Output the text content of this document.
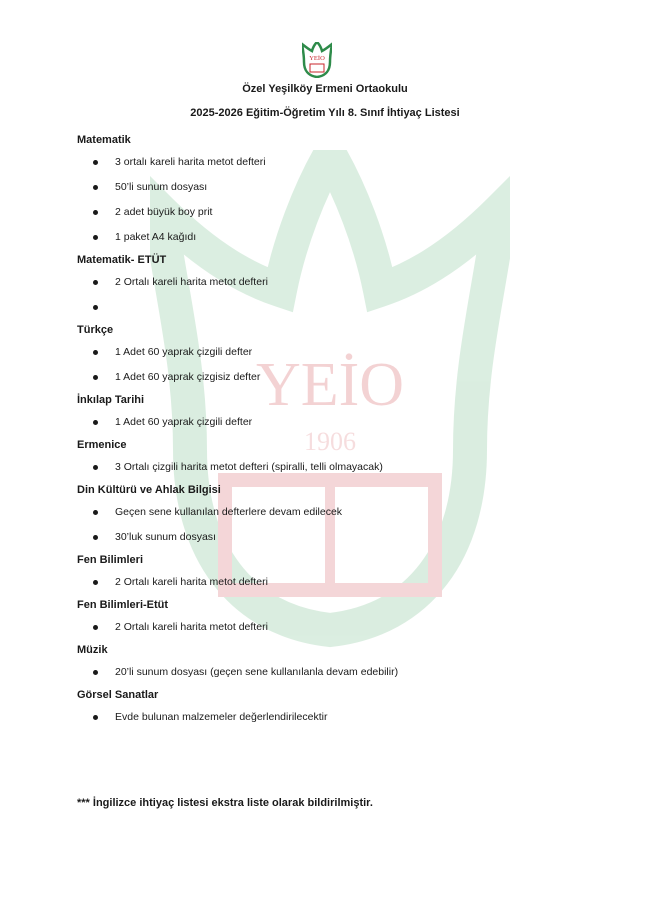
YEİO
1906
YEİO
Özel Yeşilköy Ermeni Ortaokulu
2025-2026 Eğitim-Öğretim Yılı 8. Sınıf İhtiyaç Listesi
Matematik
3 ortalı kareli harita metot defteri
50’li sunum dosyası
2 adet büyük boy prit
1 paket A4 kağıdı
Matematik- ETÜT
2 Ortalı kareli harita metot defteri
Türkçe
1 Adet 60 yaprak çizgili defter
1 Adet 60 yaprak çizgisiz defter
İnkılap Tarihi
1 Adet 60 yaprak çizgili defter
Ermenice
3 Ortalı çizgili harita metot defteri (spiralli, telli olmayacak)
Din Kültürü ve Ahlak Bilgisi
Geçen sene kullanılan defterlere devam edilecek
30’luk sunum dosyası
Fen Bilimleri
2 Ortalı kareli harita metot defteri
Fen Bilimleri-Etüt
2 Ortalı kareli harita metot defteri
Müzik
20’li sunum dosyası (geçen sene kullanılanla devam edebilir)
Görsel Sanatlar
Evde bulunan malzemeler değerlendirilecektir
*** İngilizce ihtiyaç listesi ekstra liste olarak bildirilmiştir.
